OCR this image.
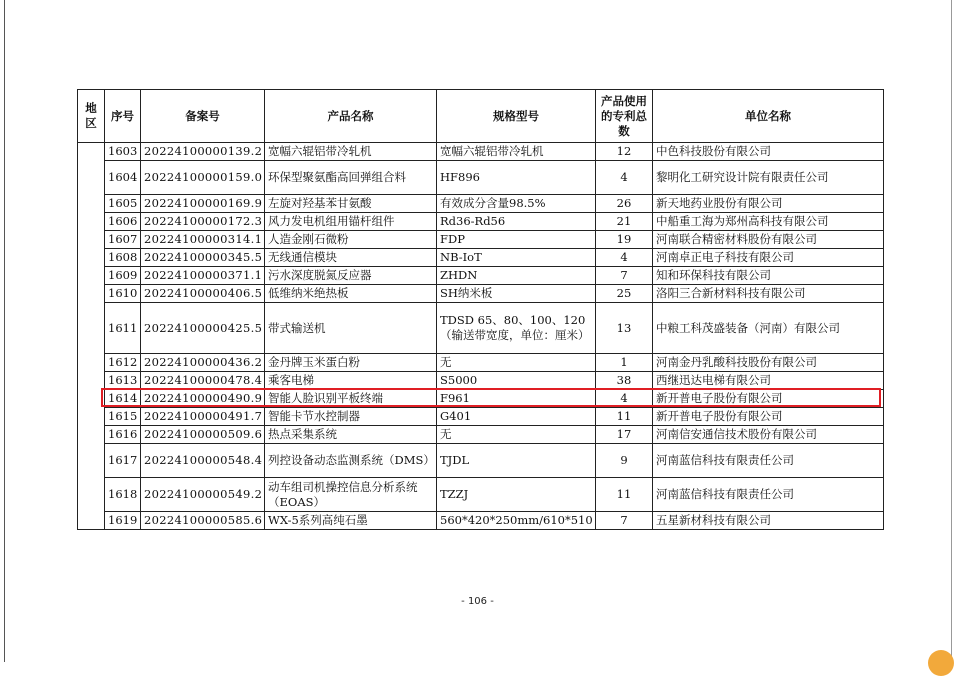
地区	序号	备案号	产品名称	规格型号	产品使用的专利总数	单位名称
	1603	20224100000139.2	宽幅六辊铝带冷轧机	宽幅六辊铝带冷轧机	12	中色科技股份有限公司
	1604	20224100000159.0	环保型聚氨酯高回弹组合料	HF896	4	黎明化工研究设计院有限责任公司
	1605	20224100000169.9	左旋对羟基苯甘氨酸	有效成分含量98.5%	26	新天地药业股份有限公司
	1606	20224100000172.3	风力发电机组用锚杆组件	Rd36-Rd56	21	中船重工海为郑州高科技有限公司
	1607	20224100000314.1	人造金刚石微粉	FDP	19	河南联合精密材料股份有限公司
	1608	20224100000345.5	无线通信模块	NB-IoT	4	河南卓正电子科技有限公司
	1609	20224100000371.1	污水深度脱氮反应器	ZHDN	7	知和环保科技有限公司
	1610	20224100000406.5	低维纳米绝热板	SH纳米板	25	洛阳三合新材料科技有限公司
	1611	20224100000425.5	带式输送机	TDSD 65、80、100、120（输送带宽度，单位：厘米）	13	中粮工科茂盛装备（河南）有限公司
	1612	20224100000436.2	金丹牌玉米蛋白粉	无	1	河南金丹乳酸科技股份有限公司
	1613	20224100000478.4	乘客电梯	S5000	38	西继迅达电梯有限公司
	1614	20224100000490.9	智能人脸识别平板终端	F961	4	新开普电子股份有限公司
	1615	20224100000491.7	智能卡节水控制器	G401	11	新开普电子股份有限公司
	1616	20224100000509.6	热点采集系统	无	17	河南信安通信技术股份有限公司
	1617	20224100000548.4	列控设备动态监测系统（DMS）	TJDL	9	河南蓝信科技有限责任公司
	1618	20224100000549.2	动车组司机操控信息分析系统（EOAS）	TZZJ	11	河南蓝信科技有限责任公司
	1619	20224100000585.6	WX-5系列高纯石墨	560*420*250mm/610*510	7	五星新材科技有限公司
- 106 -
